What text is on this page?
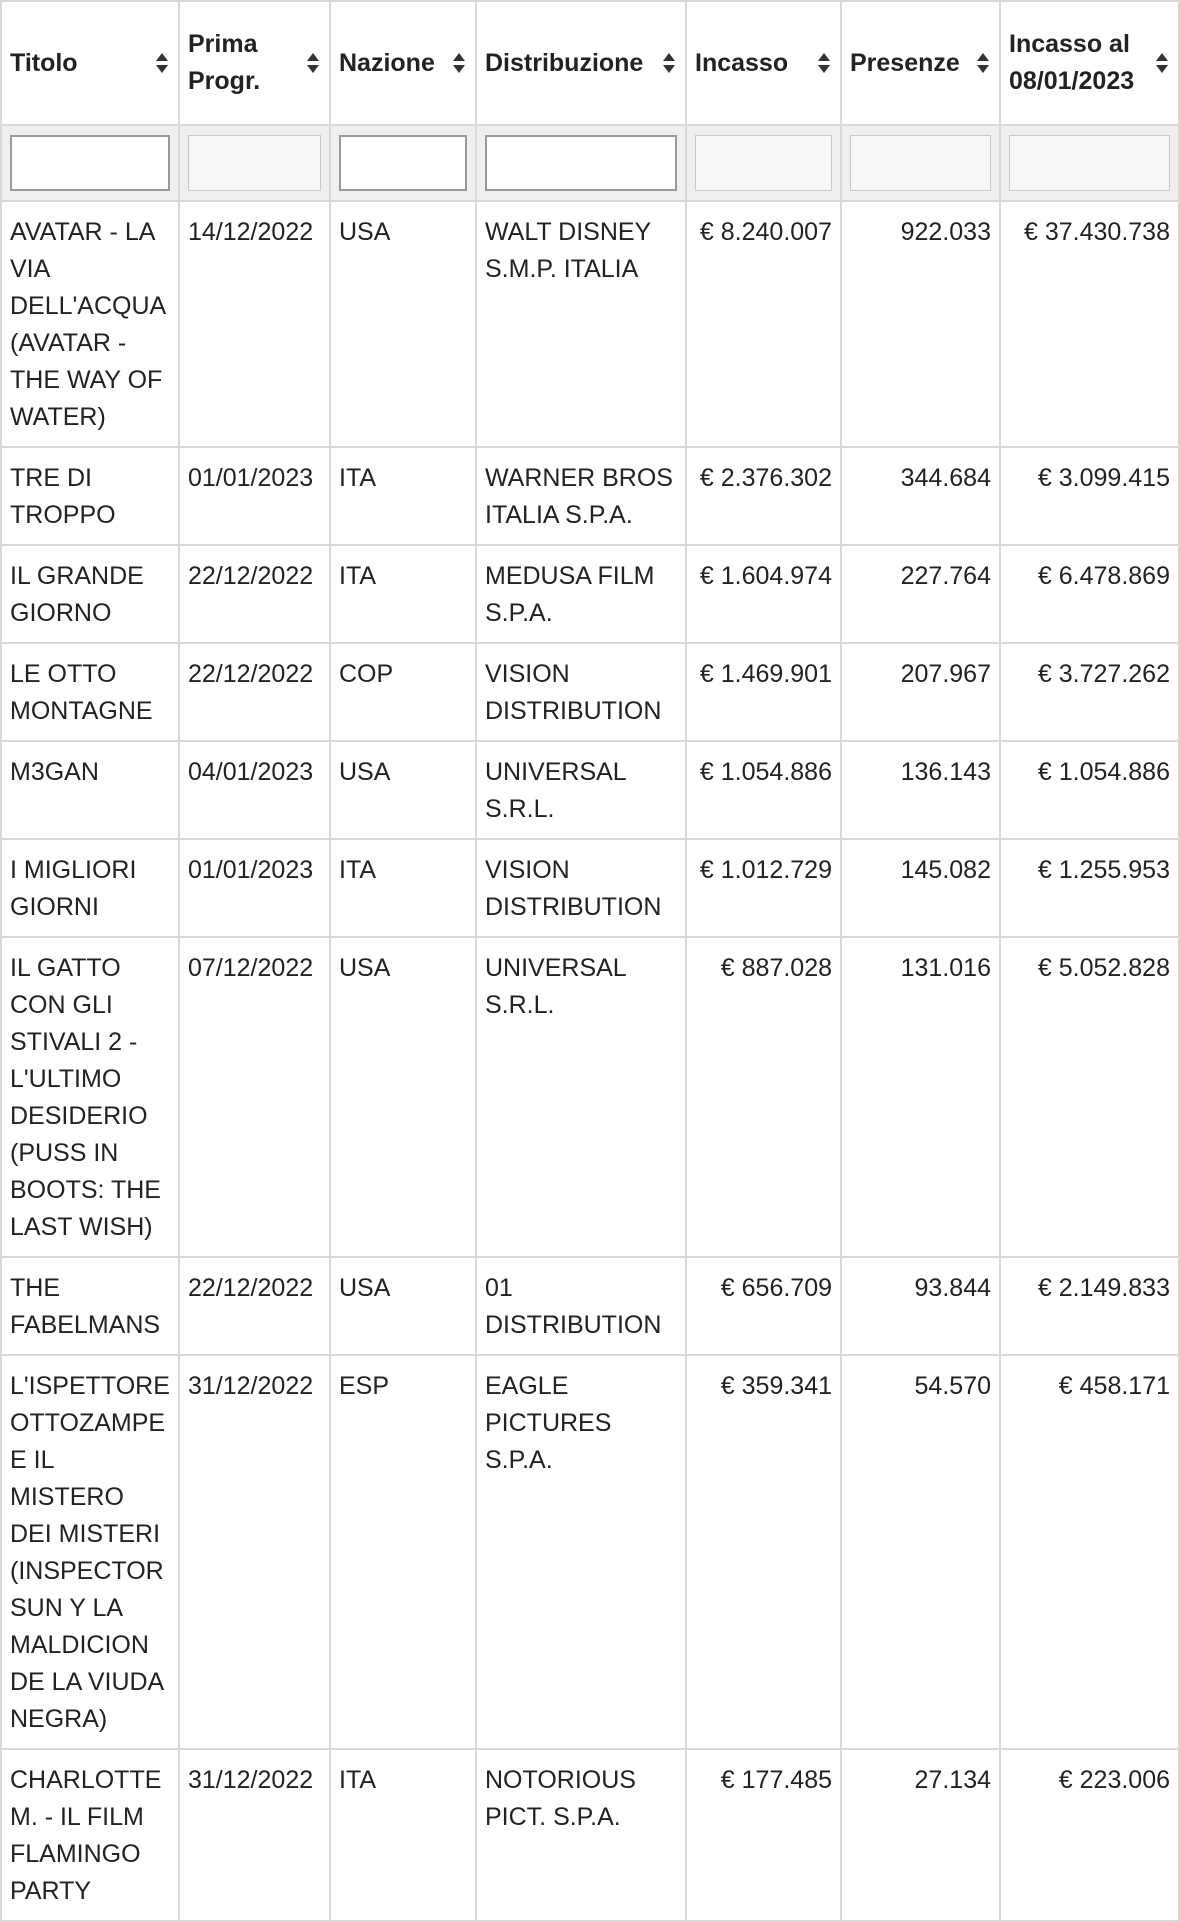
Titolo	Prima Progr.	Nazione	Distribuzione	Incasso	Presenze	Incasso al 08/01/2023

AVATAR - LA VIA DELL'ACQUA (AVATAR - THE WAY OF WATER)	14/12/2022	USA	WALT DISNEY S.M.P. ITALIA	€ 8.240.007	922.033	€ 37.430.738
TRE DI TROPPO	01/01/2023	ITA	WARNER BROS ITALIA S.P.A.	€ 2.376.302	344.684	€ 3.099.415
IL GRANDE GIORNO	22/12/2022	ITA	MEDUSA FILM S.P.A.	€ 1.604.974	227.764	€ 6.478.869
LE OTTO MONTAGNE	22/12/2022	COP	VISION DISTRIBUTION	€ 1.469.901	207.967	€ 3.727.262
M3GAN	04/01/2023	USA	UNIVERSAL S.R.L.	€ 1.054.886	136.143	€ 1.054.886
I MIGLIORI GIORNI	01/01/2023	ITA	VISION DISTRIBUTION	€ 1.012.729	145.082	€ 1.255.953
IL GATTO CON GLI STIVALI 2 - L'ULTIMO DESIDERIO (PUSS IN BOOTS: THE LAST WISH)	07/12/2022	USA	UNIVERSAL S.R.L.	€ 887.028	131.016	€ 5.052.828
THE FABELMANS	22/12/2022	USA	01 DISTRIBUTION	€ 656.709	93.844	€ 2.149.833
L'ISPETTORE OTTOZAMPE E IL MISTERO DEI MISTERI (INSPECTOR SUN Y LA MALDICION DE LA VIUDA NEGRA)	31/12/2022	ESP	EAGLE PICTURES S.P.A.	€ 359.341	54.570	€ 458.171
CHARLOTTE M. - IL FILM FLAMINGO PARTY	31/12/2022	ITA	NOTORIOUS PICT. S.P.A.	€ 177.485	27.134	€ 223.006
